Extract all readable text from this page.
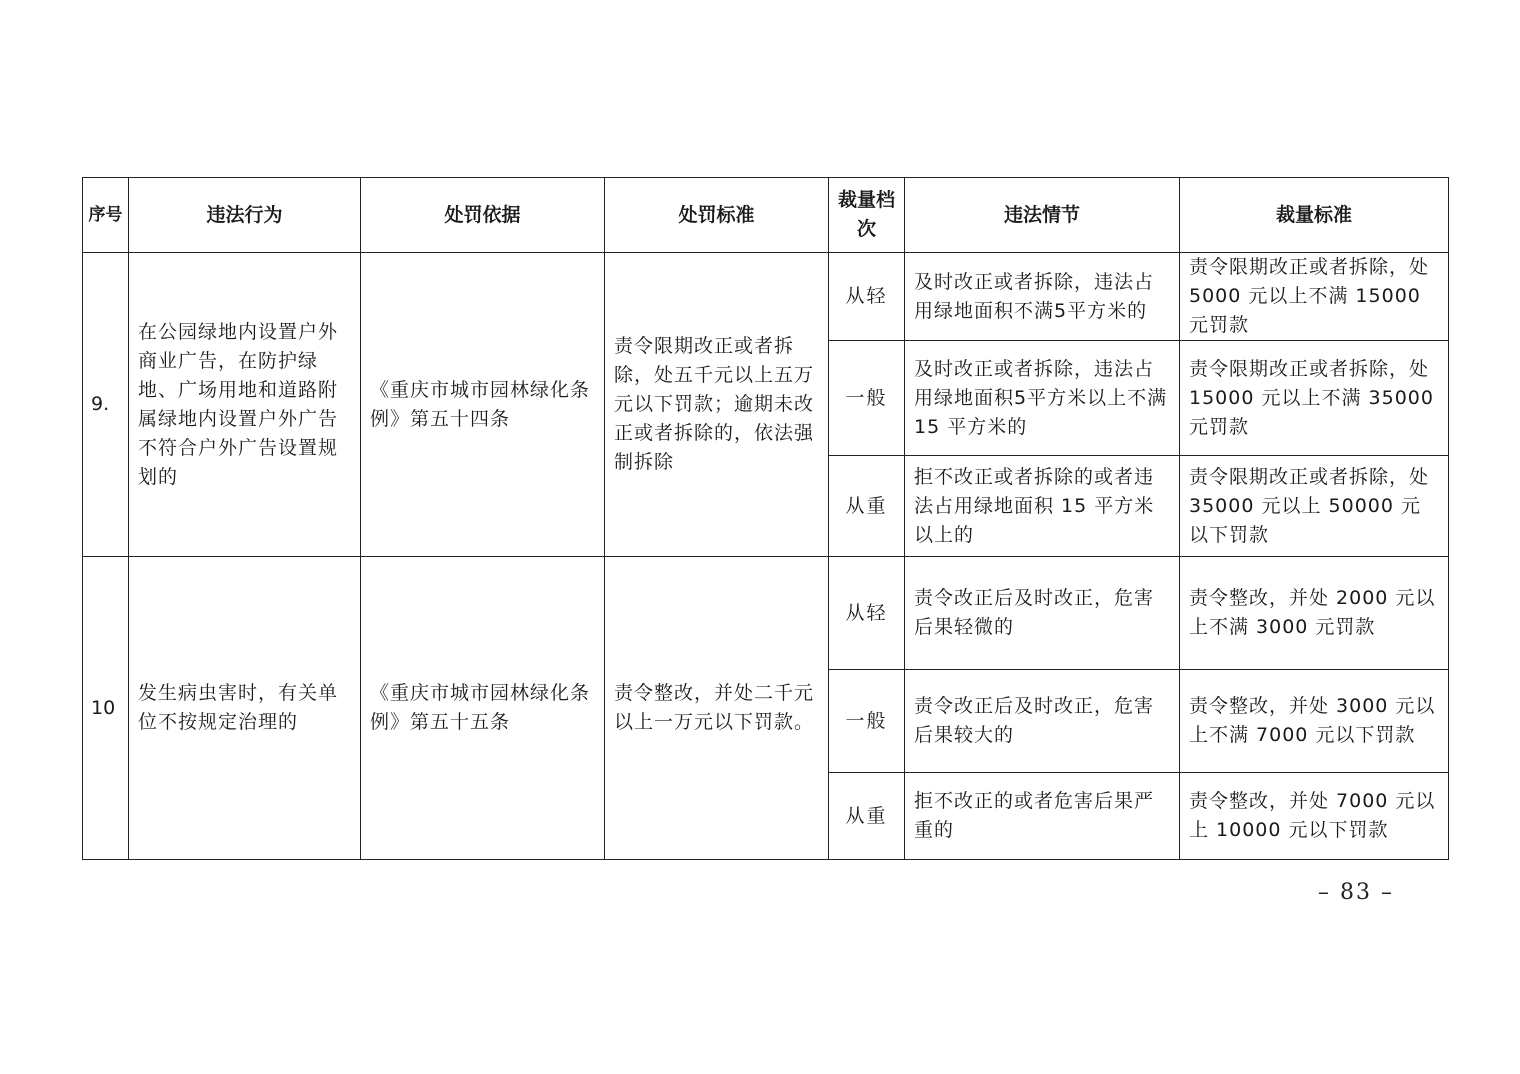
序号	违法行为	处罚依据	处罚标准	裁量档次	违法情节	裁量标准

9.	在公园绿地内设置户外商业广告，在防护绿地、广场用地和道路附属绿地内设置户外广告不符合户外广告设置规划的	《重庆市城市园林绿化条例》第五十四条	责令限期改正或者拆除，处五千元以上五万元以下罚款；逾期未改正或者拆除的，依法强制拆除	从轻	及时改正或者拆除，违法占用绿地面积不满5平方米的	责令限期改正或者拆除，处 5000 元以上不满 15000 元罚款

				一般	及时改正或者拆除，违法占用绿地面积5平方米以上不满 15 平方米的	责令限期改正或者拆除，处 15000 元以上不满 35000 元罚款

				从重	拒不改正或者拆除的或者违法占用绿地面积 15 平方米以上的	责令限期改正或者拆除，处 35000 元以上 50000 元以下罚款

10	发生病虫害时，有关单位不按规定治理的	《重庆市城市园林绿化条例》第五十五条	责令整改，并处二千元以上一万元以下罚款。	从轻	责令改正后及时改正，危害后果轻微的	责令整改，并处 2000 元以上不满 3000 元罚款

				一般	责令改正后及时改正，危害后果较大的	责令整改，并处 3000 元以上不满 7000 元以下罚款

				从重	拒不改正的或者危害后果严重的	责令整改，并处 7000 元以上 10000 元以下罚款
– 83 –
